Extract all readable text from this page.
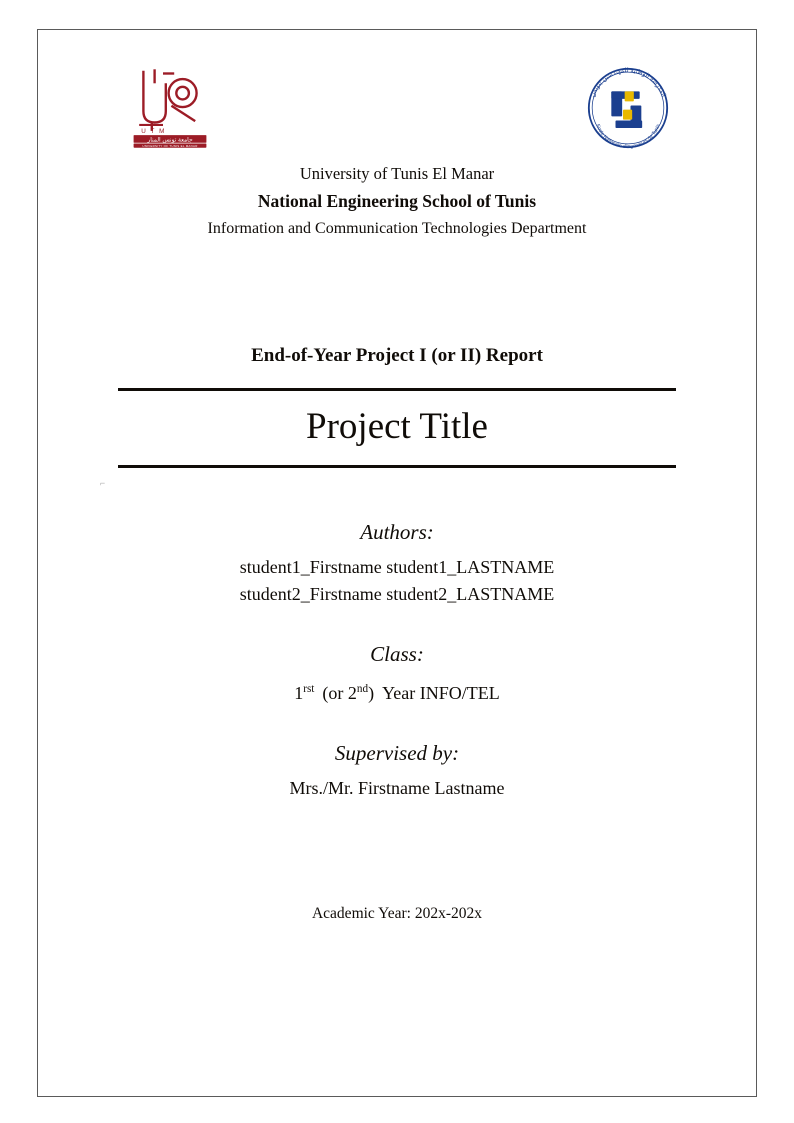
U T M
جامعة تونس المنار
UNIVERSITY OF TUNIS EL MANAR
المدرسة الوطنية للمهندسين بتونس
Ecole Nationale d'Ingenieurs de Tunis
University of Tunis El Manar
National Engineering School of Tunis
Information and Communication Technologies Department
End-of-Year Project I (or II) Report
Project Title
⌐
Authors:
student1_Firstname student1_LASTNAME
student2_Firstname student2_LASTNAME
Class:
$1^{rst}$ (or 2nd) Year INFO/TEL
Supervised by:
Mrs./Mr. Firstname Lastname
Academic Year: 202x-202x
